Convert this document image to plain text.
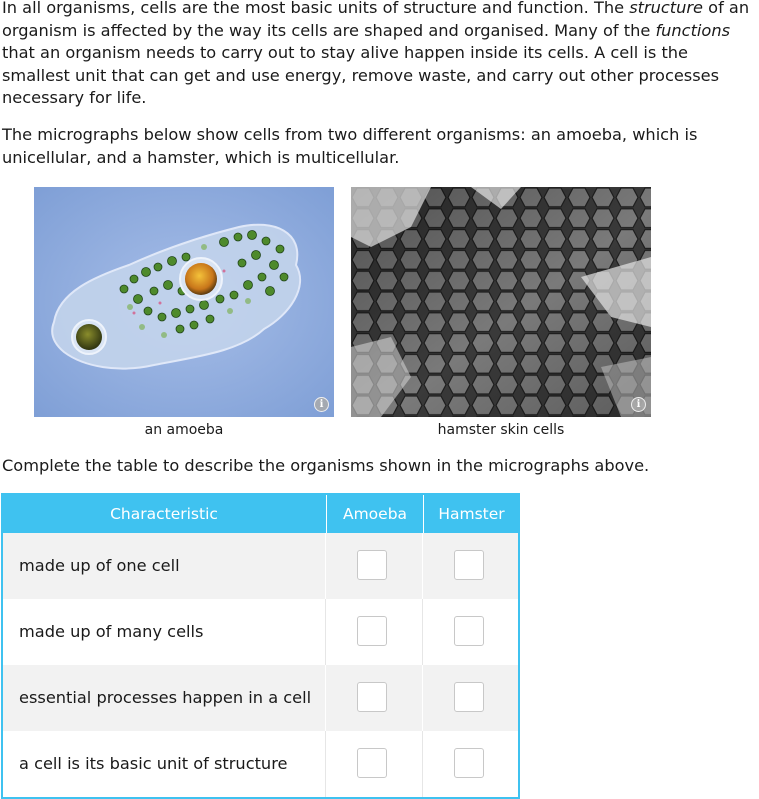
In all organisms, cells are the most basic units of structure and function. The structure of an organism is affected by the way its cells are shaped and organised. Many of the functions that an organism needs to carry out to stay alive happen inside its cells. A cell is the smallest unit that can get and use energy, remove waste, and carry out other processes necessary for life.

The micrographs below show cells from two different organisms: an amoeba, which is unicellular, and a hamster, which is multicellular.

i	i
an amoeba	hamster skin cells

Complete the table to describe the organisms shown in the micrographs above.

Characteristic	Amoeba	Hamster
made up of one cell
made up of many cells
essential processes happen in a cell
a cell is its basic unit of structure
